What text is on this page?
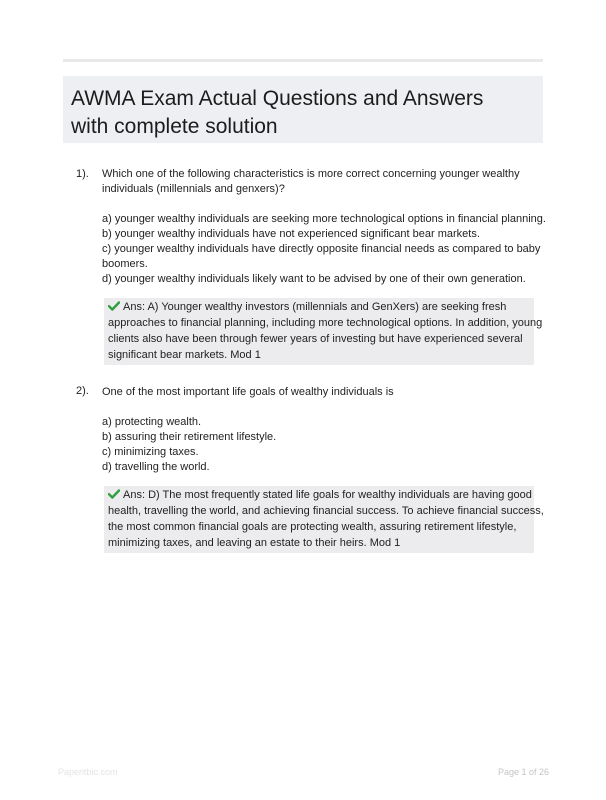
AWMA Exam Actual Questions and Answers
with complete solution
1). Which one of the following characteristics is more correct concerning younger wealthy
individuals (millennials and genxers)?
a) younger wealthy individuals are seeking more technological options in financial planning.
b) younger wealthy individuals have not experienced significant bear markets.
c) younger wealthy individuals have directly opposite financial needs as compared to baby
boomers.
d) younger wealthy individuals likely want to be advised by one of their own generation.
Ans: A) Younger wealthy investors (millennials and GenXers) are seeking fresh
approaches to financial planning, including more technological options. In addition, young
clients also have been through fewer years of investing but have experienced several
significant bear markets. Mod 1
2). One of the most important life goals of wealthy individuals is
a) protecting wealth.
b) assuring their retirement lifestyle.
c) minimizing taxes.
d) travelling the world.
Ans: D) The most frequently stated life goals for wealthy individuals are having good
health, travelling the world, and achieving financial success. To achieve financial success,
the most common financial goals are protecting wealth, assuring retirement lifestyle,
minimizing taxes, and leaving an estate to their heirs. Mod 1
Paperitbic.com	Page 1 of 26
